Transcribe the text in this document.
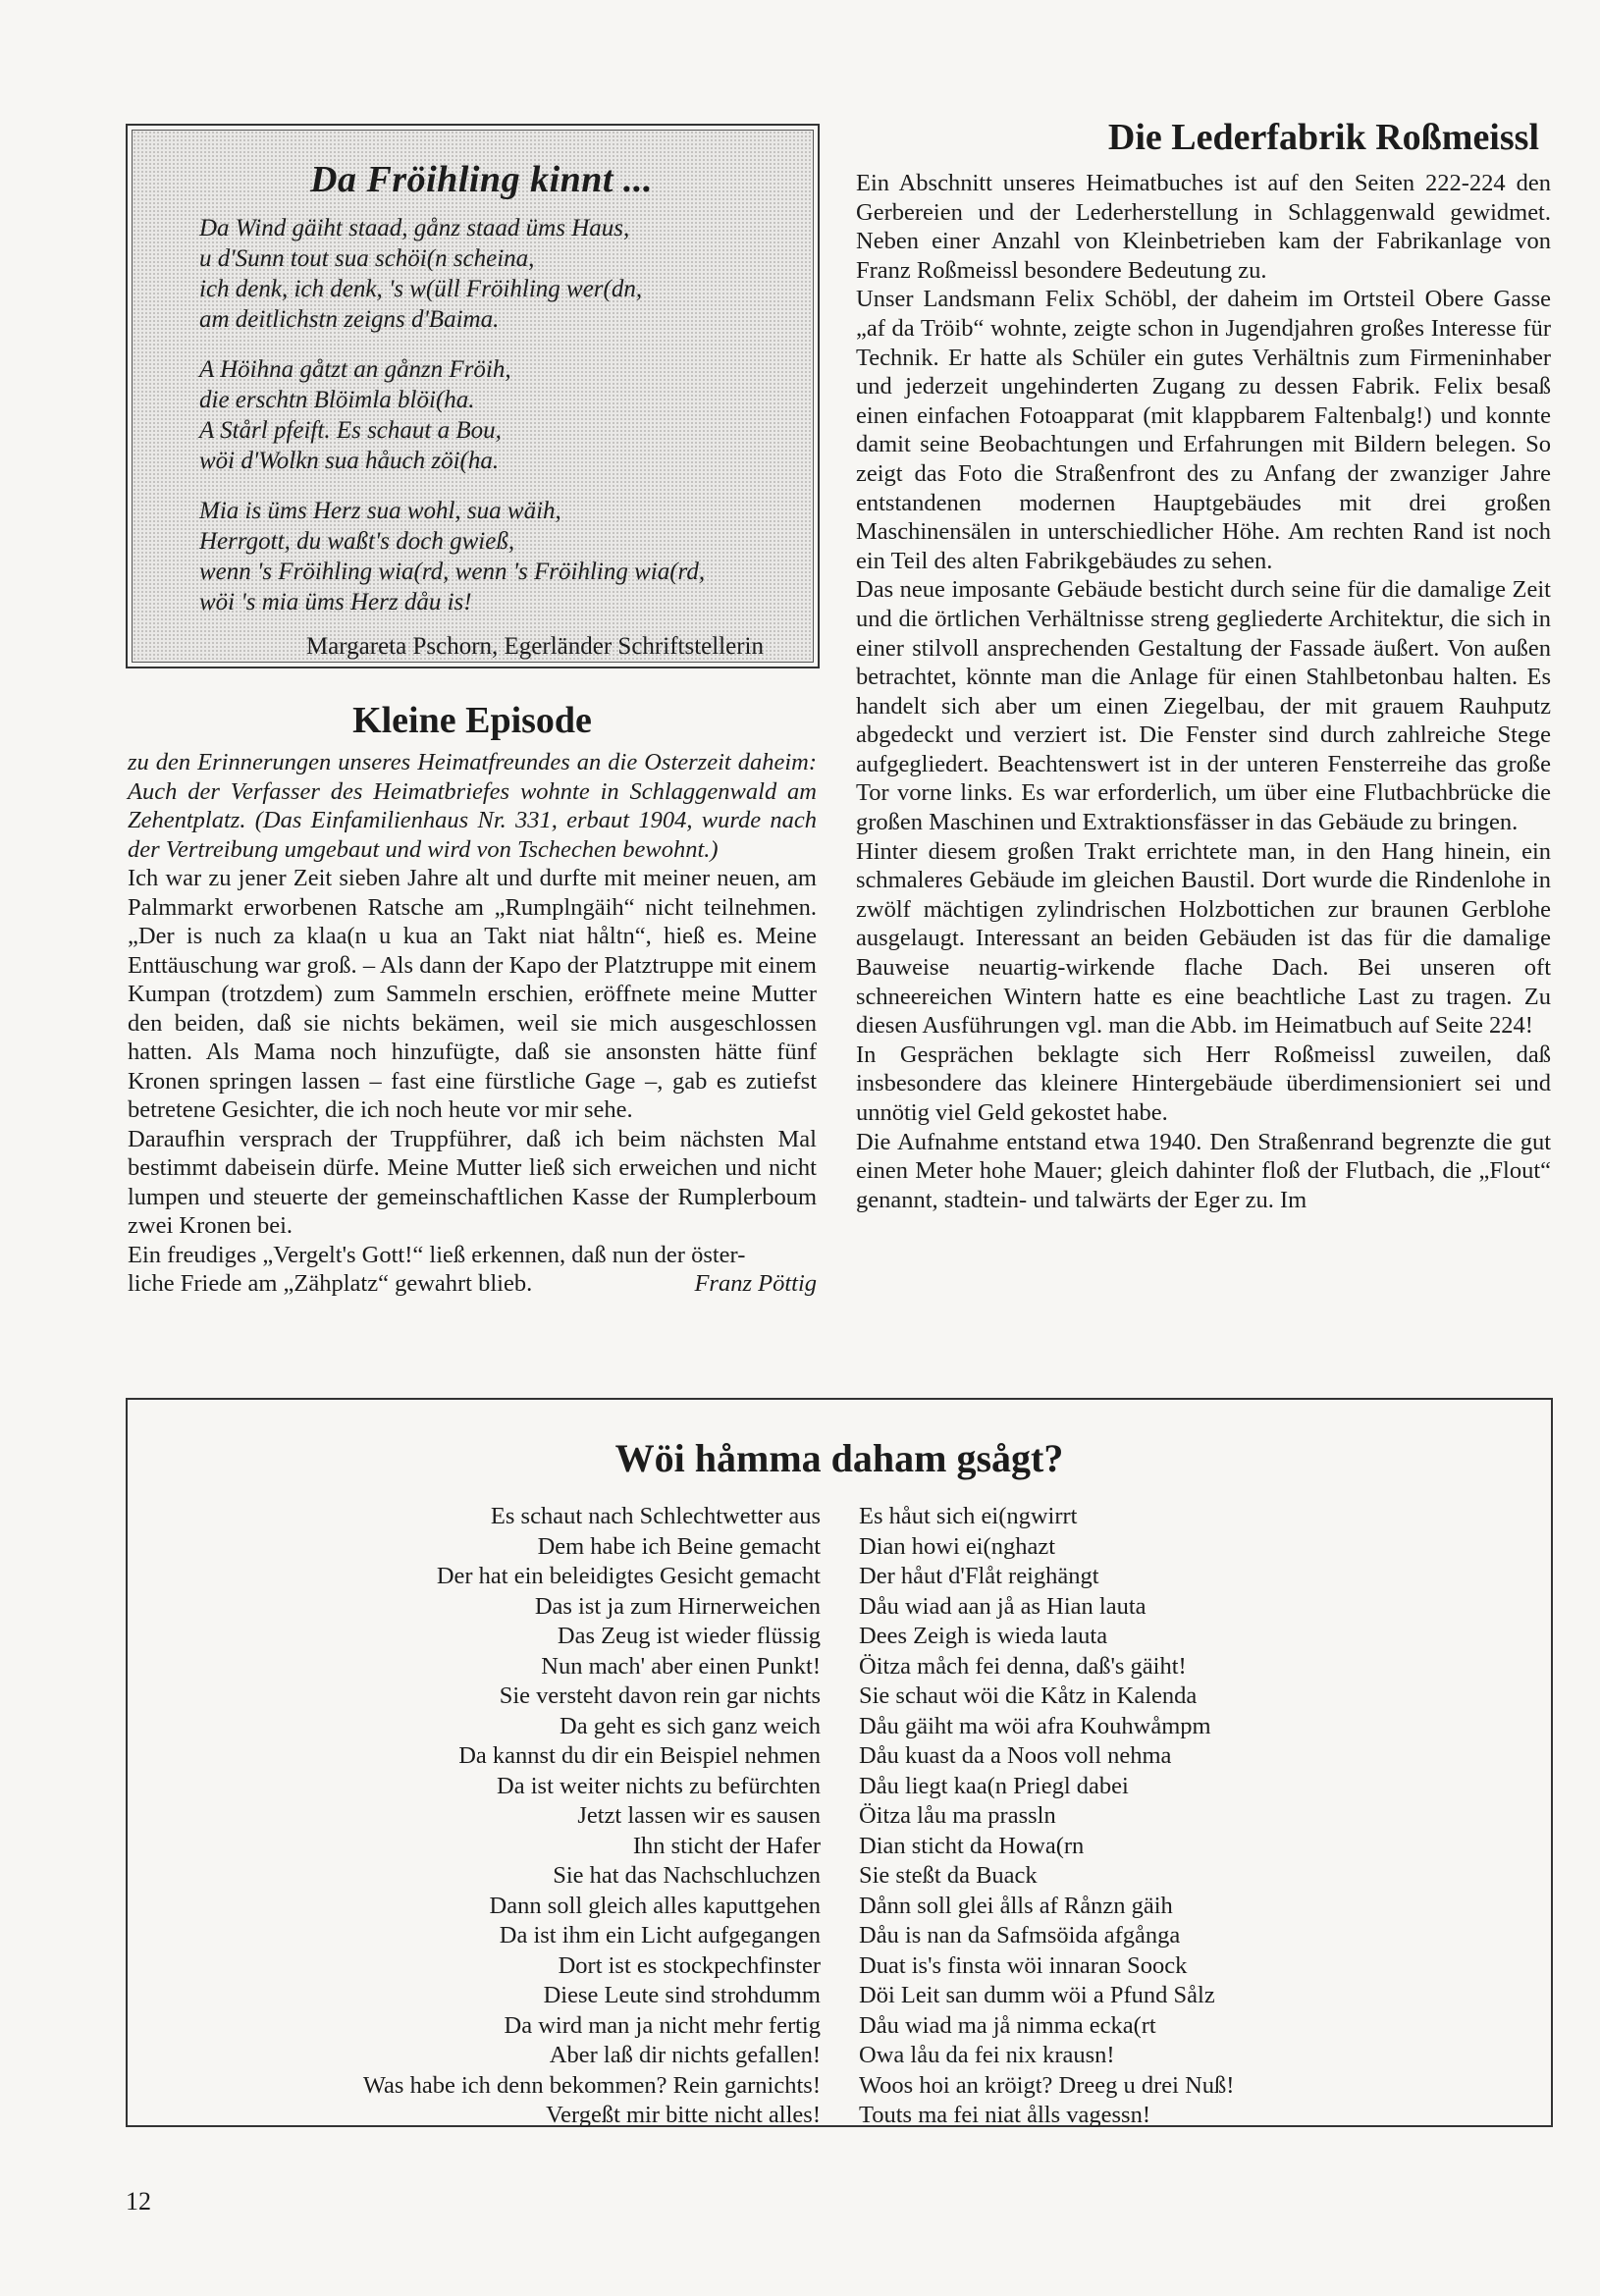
Da Fröihling kinnt ...
Da Wind gäiht staad, gånz staad üms Haus,
u d'Sunn tout sua schöi(n scheina,
ich denk, ich denk, 's w(üll Fröihling wer(dn,
am deitlichstn zeigns d'Baima.
A Höihna gåtzt an gånzn Fröih,
die erschtn Blöimla blöi(ha.
A Stårl pfeift. Es schaut a Bou,
wöi d'Wolkn sua håuch zöi(ha.
Mia is üms Herz sua wohl, sua wäih,
Herrgott, du waßt's doch gwieß,
wenn 's Fröihling wia(rd, wenn 's Fröihling wia(rd,
wöi 's mia üms Herz dåu is!
Margareta Pschorn, Egerländer Schriftstellerin
Kleine Episode

zu den Erinnerungen unseres Heimatfreundes an die Osterzeit daheim: Auch der Verfasser des Heimatbriefes wohnte in Schlaggenwald am Zehentplatz. (Das Einfamilienhaus Nr. 331, erbaut 1904, wurde nach der Vertreibung umgebaut und wird von Tschechen bewohnt.)

Ich war zu jener Zeit sieben Jahre alt und durfte mit meiner neuen, am Palmmarkt erworbenen Ratsche am „Rumplngäih“ nicht teilnehmen. „Der is nuch za klaa(n u kua an Takt niat håltn“, hieß es. Meine Enttäuschung war groß. – Als dann der Kapo der Platztruppe mit einem Kumpan (trotzdem) zum Sammeln erschien, eröffnete meine Mutter den beiden, daß sie nichts bekämen, weil sie mich ausgeschlossen hatten. Als Mama noch hinzufügte, daß sie ansonsten hätte fünf Kronen springen lassen – fast eine fürstliche Gage –, gab es zutiefst betretene Gesichter, die ich noch heute vor mir sehe.

Daraufhin versprach der Truppführer, daß ich beim nächsten Mal bestimmt dabeisein dürfe. Meine Mutter ließ sich erweichen und nicht lumpen und steuerte der gemeinschaftlichen Kasse der Rumplerboum zwei Kronen bei.

Ein freudiges „Vergelt's Gott!“ ließ erkennen, daß nun der öster-

liche Friede am „Zähplatz“ gewahrt blieb.	Franz Pöttig
Die Lederfabrik Roßmeissl

Ein Abschnitt unseres Heimatbuches ist auf den Seiten 222-224 den Gerbereien und der Lederherstellung in Schlaggenwald gewidmet. Neben einer Anzahl von Kleinbetrieben kam der Fabrikanlage von Franz Roßmeissl besondere Bedeutung zu.

Unser Landsmann Felix Schöbl, der daheim im Ortsteil Obere Gasse „af da Tröib“ wohnte, zeigte schon in Jugendjahren großes Interesse für Technik. Er hatte als Schüler ein gutes Verhältnis zum Firmeninhaber und jederzeit ungehinderten Zugang zu dessen Fabrik. Felix besaß einen einfachen Fotoapparat (mit klappbarem Faltenbalg!) und konnte damit seine Beobachtungen und Erfahrungen mit Bildern belegen. So zeigt das Foto die Straßenfront des zu Anfang der zwanziger Jahre entstandenen modernen Hauptgebäudes mit drei großen Maschinensälen in unterschiedlicher Höhe. Am rechten Rand ist noch ein Teil des alten Fabrikgebäudes zu sehen.

Das neue imposante Gebäude besticht durch seine für die damalige Zeit und die örtlichen Verhältnisse streng gegliederte Architektur, die sich in einer stilvoll ansprechenden Gestaltung der Fassade äußert. Von außen betrachtet, könnte man die Anlage für einen Stahlbetonbau halten. Es handelt sich aber um einen Ziegelbau, der mit grauem Rauhputz abgedeckt und verziert ist. Die Fenster sind durch zahlreiche Stege aufgegliedert. Beachtenswert ist in der unteren Fensterreihe das große Tor vorne links. Es war erforderlich, um über eine Flutbachbrücke die großen Maschinen und Extraktionsfässer in das Gebäude zu bringen.

Hinter diesem großen Trakt errichtete man, in den Hang hinein, ein schmaleres Gebäude im gleichen Baustil. Dort wurde die Rindenlohe in zwölf mächtigen zylindrischen Holzbottichen zur braunen Gerblohe ausgelaugt. Interessant an beiden Gebäuden ist das für die damalige Bauweise neuartig-wirkende flache Dach. Bei unseren oft schneereichen Wintern hatte es eine beachtliche Last zu tragen. Zu diesen Ausführungen vgl. man die Abb. im Heimatbuch auf Seite 224!

In Gesprächen beklagte sich Herr Roßmeissl zuweilen, daß insbesondere das kleinere Hintergebäude überdimensioniert sei und unnötig viel Geld gekostet habe.

Die Aufnahme entstand etwa 1940. Den Straßenrand begrenzte die gut einen Meter hohe Mauer; gleich dahinter floß der Flutbach, die „Flout“ genannt, stadtein- und talwärts der Eger zu. Im

Wöi håmma daham gsågt?
Es schaut nach Schlechtwetter aus
Dem habe ich Beine gemacht
Der hat ein beleidigtes Gesicht gemacht
Das ist ja zum Hirnerweichen
Das Zeug ist wieder flüssig
Nun mach' aber einen Punkt!
Sie versteht davon rein gar nichts
Da geht es sich ganz weich
Da kannst du dir ein Beispiel nehmen
Da ist weiter nichts zu befürchten
Jetzt lassen wir es sausen
Ihn sticht der Hafer
Sie hat das Nachschluchzen
Dann soll gleich alles kaputtgehen
Da ist ihm ein Licht aufgegangen
Dort ist es stockpechfinster
Diese Leute sind strohdumm
Da wird man ja nicht mehr fertig
Aber laß dir nichts gefallen!
Was habe ich denn bekommen? Rein garnichts!
Vergeßt mir bitte nicht alles!
Es håut sich ei(ngwirrt
Dian howi ei(nghazt
Der håut d'Flåt reighängt
Dåu wiad aan jå as Hian lauta
Dees Zeigh is wieda lauta
Öitza måch fei denna, daß's gäiht!
Sie schaut wöi die Kåtz in Kalenda
Dåu gäiht ma wöi afra Kouhwåmpm
Dåu kuast da a Noos voll nehma
Dåu liegt kaa(n Priegl dabei
Öitza låu ma prassln
Dian sticht da Howa(rn
Sie steßt da Buack
Dånn soll glei ålls af Rånzn gäih
Dåu is nan da Safmsöida afgånga
Duat is's finsta wöi innaran Soock
Döi Leit san dumm wöi a Pfund Sålz
Dåu wiad ma jå nimma ecka(rt
Owa låu da fei nix krausn!
Woos hoi an kröigt? Dreeg u drei Nuß!
Touts ma fei niat ålls vagessn!
12
